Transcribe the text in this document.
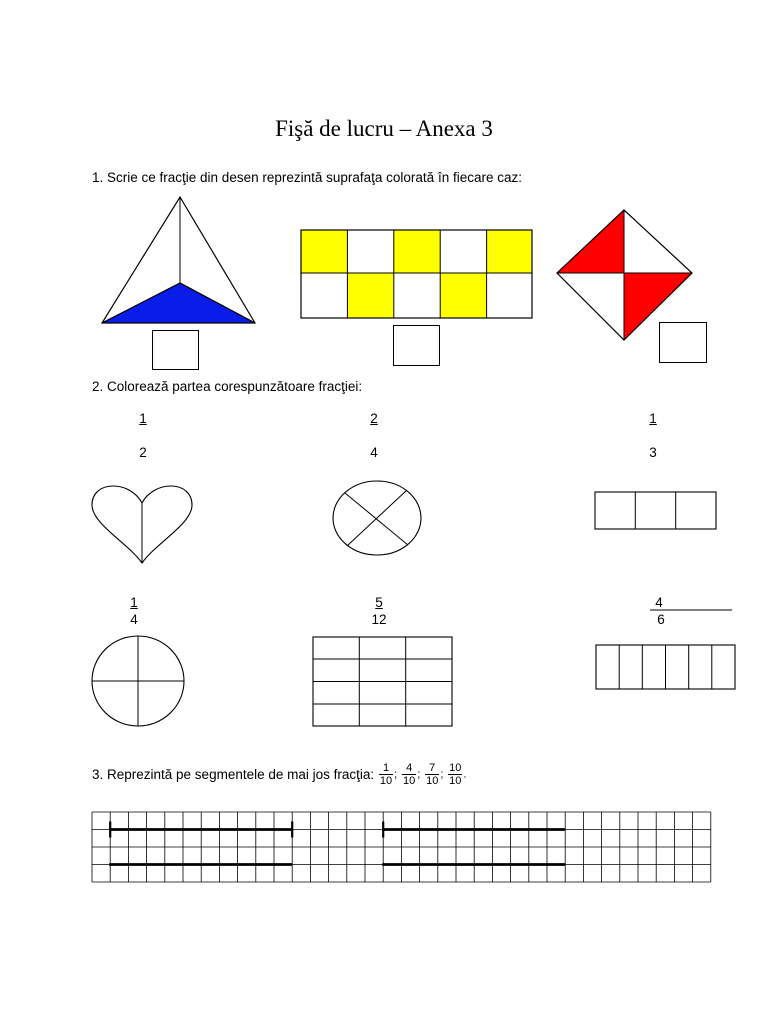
Fişă de lucru – Anexa 3
1. Scrie ce fracţie din desen reprezintă suprafaţa colorată în fiecare caz:
2. Colorează partea corespunzătoare fracţiei:
1
2
2
4
1
3
1
4
5
12
4
6
3. Reprezintă pe segmentele de mai jos fracţia: $\frac{1}{10}$ ; $\frac{4}{10}$ ; $\frac{7}{10}$ ; $\frac{10}{10}$ .
